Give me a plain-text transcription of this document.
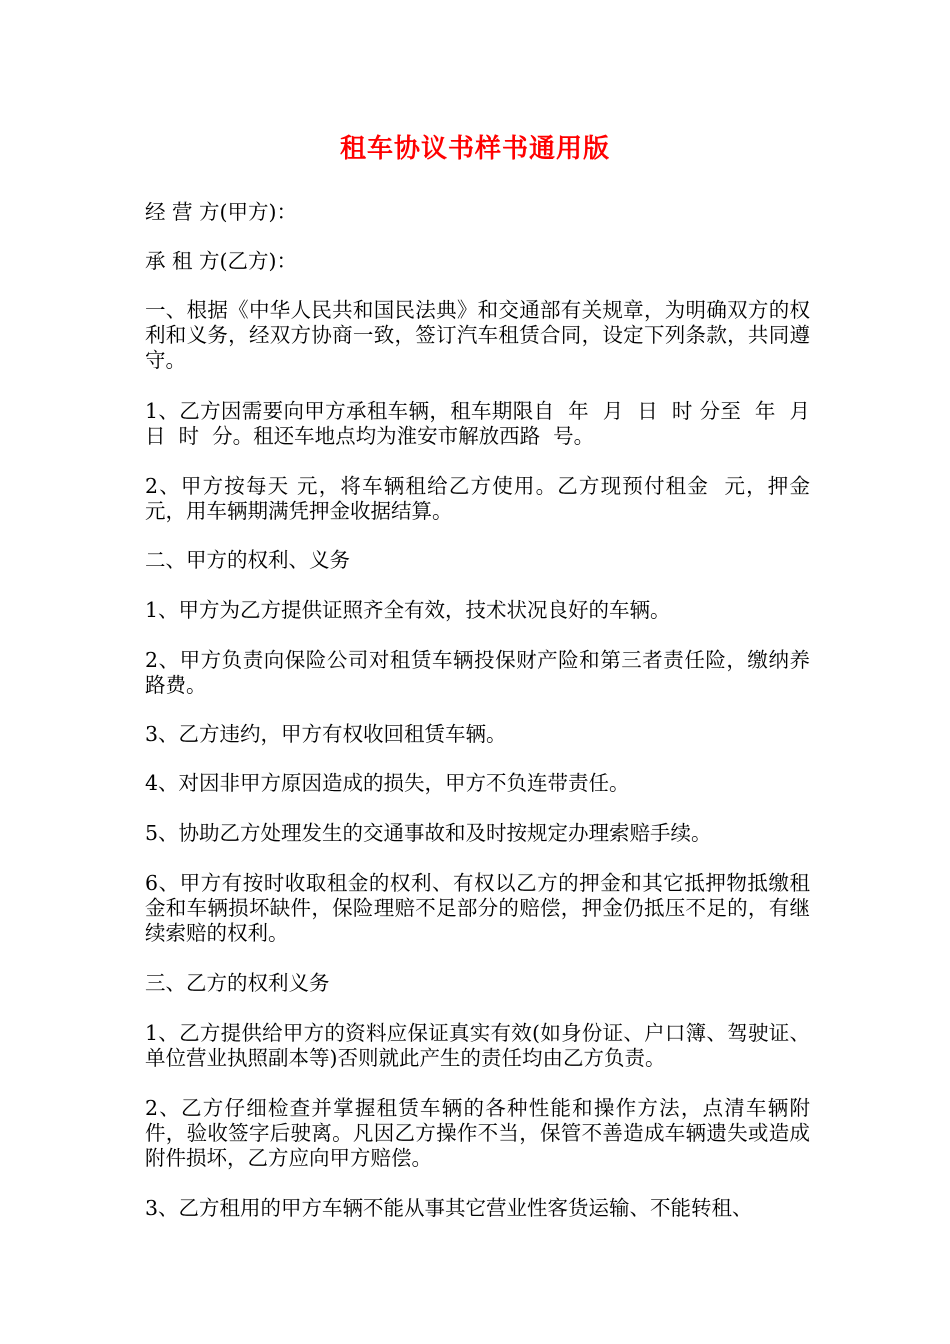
租车协议书样书通用版

经 营 方(甲方)：

承 租 方(乙方)：

一、根据《中华人民共和国民法典》和交通部有关规章，为明确双方的权利和义务，经双方协商一致，签订汽车租赁合同，设定下列条款，共同遵守。

1、乙方因需要向甲方承租车辆，租车期限自  年  月  日  时 分至  年  月  日  时  分。租还车地点均为淮安市解放西路  号。

2、甲方按每天 元，将车辆租给乙方使用。乙方现预付租金  元，押金  元，用车辆期满凭押金收据结算。

二、甲方的权利、义务

1、甲方为乙方提供证照齐全有效，技术状况良好的车辆。

2、甲方负责向保险公司对租赁车辆投保财产险和第三者责任险，缴纳养路费。

3、乙方违约，甲方有权收回租赁车辆。

4、对因非甲方原因造成的损失，甲方不负连带责任。

5、协助乙方处理发生的交通事故和及时按规定办理索赔手续。

6、甲方有按时收取租金的权利、有权以乙方的押金和其它抵押物抵缴租金和车辆损坏缺件，保险理赔不足部分的赔偿，押金仍抵压不足的，有继续索赔的权利。

三、乙方的权利义务

1、乙方提供给甲方的资料应保证真实有效(如身份证、户口簿、驾驶证、单位营业执照副本等)否则就此产生的责任均由乙方负责。

2、乙方仔细检查并掌握租赁车辆的各种性能和操作方法，点清车辆附件，验收签字后驶离。凡因乙方操作不当，保管不善造成车辆遗失或造成附件损坏，乙方应向甲方赔偿。

3、乙方租用的甲方车辆不能从事其它营业性客货运输、不能转租、
